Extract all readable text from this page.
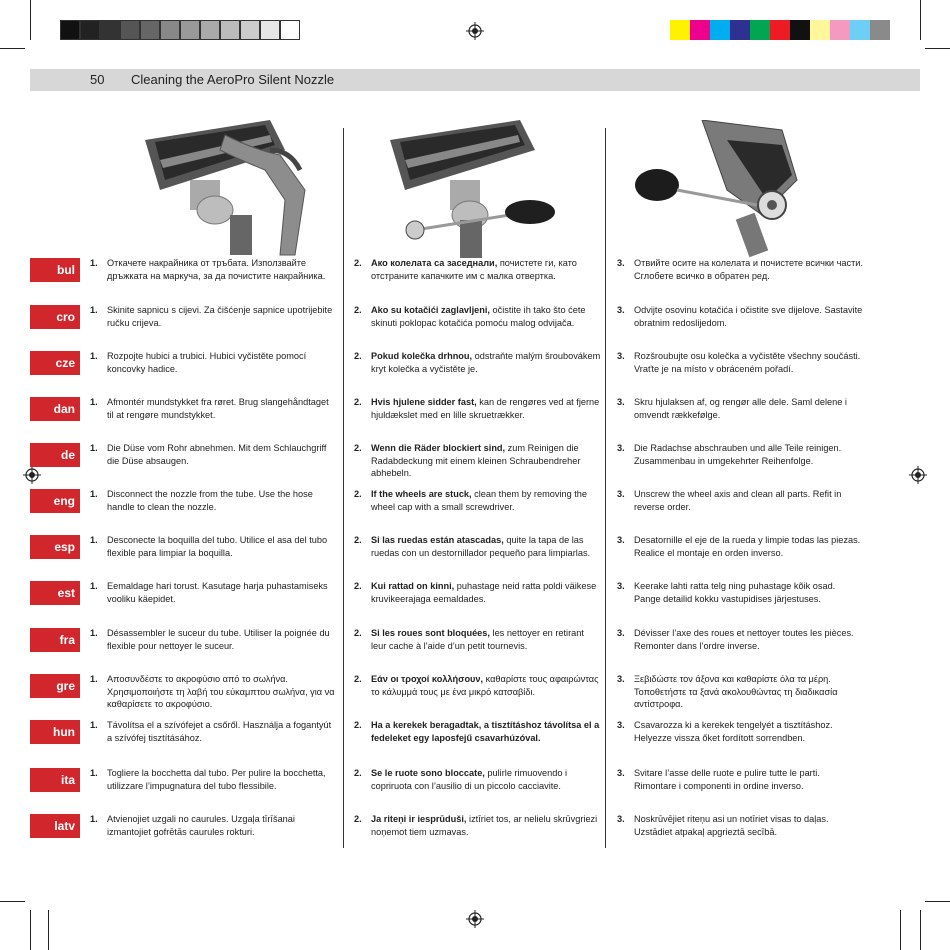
50 Cleaning the AeroPro Silent Nozzle
bul	1. Откачете накрайника от тръбата. Използвайте дръжката на маркуча, за да почистите накрайника.
2. Ако колелата са заседнали, почистете ги, като отстраните капачките им с малка отвертка.
3. Отвийте осите на колелата и почистете всички части. Сглобете всичко в обратен ред.
cro	1. Skinite sapnicu s cijevi. Za čišćenje sapnice upotrijebite ručku crijeva.
2. Ako su kotačići zaglavljeni, očistite ih tako što ćete skinuti poklopac kotačića pomoću malog odvijača.
3. Odvijte osovinu kotačića i očistite sve dijelove. Sastavite obratnim redoslijedom.
cze	1. Rozpojte hubici a trubici. Hubici vyčistěte pomocí koncovky hadice.
2. Pokud kolečka drhnou, odstraňte malým šroubovákem kryt kolečka a vyčistěte je.
3. Rozšroubujte osu kolečka a vyčistěte všechny součásti. Vraťte je na místo v obráceném pořadí.
dan	1. Afmontér mundstykket fra røret. Brug slangehåndtaget til at rengøre mundstykket.
2. Hvis hjulene sidder fast, kan de rengøres ved at fjerne hjuldækslet med en lille skruetrækker.
3. Skru hjulaksen af, og rengør alle dele. Saml delene i omvendt rækkefølge.
de	1. Die Düse vom Rohr abnehmen. Mit dem Schlauchgriff die Düse absaugen.
2. Wenn die Räder blockiert sind, zum Reinigen die Radabdeckung mit einem kleinen Schraubendreher abhebeln.
3. Die Radachse abschrauben und alle Teile reinigen. Zusammenbau in umgekehrter Reihenfolge.
eng	1. Disconnect the nozzle from the tube. Use the hose handle to clean the nozzle.
2. If the wheels are stuck, clean them by removing the wheel cap with a small screwdriver.
3. Unscrew the wheel axis and clean all parts. Refit in reverse order.
esp	1. Desconecte la boquilla del tubo. Utilice el asa del tubo flexible para limpiar la boquilla.
2. Si las ruedas están atascadas, quite la tapa de las ruedas con un destornillador pequeño para limpiarlas.
3. Desatornille el eje de la rueda y limpie todas las piezas. Realice el montaje en orden inverso.
est	1. Eemaldage hari torust. Kasutage harja puhastamiseks vooliku käepidet.
2. Kui rattad on kinni, puhastage neid ratta poldi väikese kruvikeerajaga eemaldades.
3. Keerake lahti ratta telg ning puhastage kõik osad. Pange detailid kokku vastupidises järjestuses.
fra	1. Désassembler le suceur du tube. Utiliser la poignée du flexible pour nettoyer le suceur.
2. Si les roues sont bloquées, les nettoyer en retirant leur cache à l’aide d’un petit tournevis.
3. Dévisser l’axe des roues et nettoyer toutes les pièces. Remonter dans l’ordre inverse.
gre	1. Αποσυνδέστε το ακροφύσιο από το σωλήνα. Χρησιμοποιήστε τη λαβή του εύκαμπτου σωλήνα, για να καθαρίσετε το ακροφύσιο.
2. Εάν οι τροχοί κολλήσουν, καθαρίστε τους αφαιρώντας το κάλυμμά τους με ένα μικρό κατσαβίδι.
3. Ξεβιδώστε τον άξονα και καθαρίστε όλα τα μέρη. Τοποθετήστε τα ξανά ακολουθώντας τη διαδικασία αντίστροφα.
hun	1. Távolítsa el a szívófejet a csőről. Használja a fogantyút a szívófej tisztításához.
2. Ha a kerekek beragadtak, a tisztításhoz távolítsa el a fedeleket egy laposfejű csavarhúzóval.
3. Csavarozza ki a kerekek tengelyét a tisztításhoz. Helyezze vissza őket fordított sorrendben.
ita	1. Togliere la bocchetta dal tubo. Per pulire la bocchetta, utilizzare l’impugnatura del tubo flessibile.
2. Se le ruote sono bloccate, pulirle rimuovendo i copriruota con l’ausilio di un piccolo cacciavite.
3. Svitare l’asse delle ruote e pulire tutte le parti. Rimontare i componenti in ordine inverso.
latv	1. Atvienojiet uzgali no caurules. Uzgaļa tīrīšanai izmantojiet gofrētās caurules rokturi.
2. Ja riteņi ir iesprūduši, iztīriet tos, ar nelielu skrūvgriezi noņemot tiem uzmavas.
3. Noskrūvējiet riteņu asi un notīriet visas to daļas. Uzstādiet atpakaļ apgrieztā secībā.
